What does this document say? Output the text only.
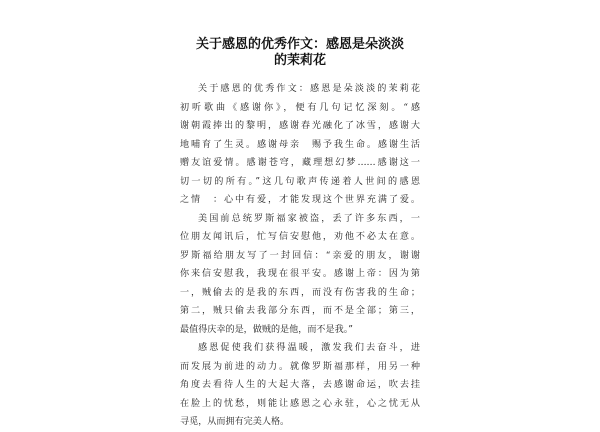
关于感恩的优秀作文：感恩是朵淡淡
的茉莉花
关于感恩的优秀作文：感恩是朵淡淡的茉莉花
初听歌曲《感谢你》，便有几句记忆深刻。“感
谢朝霞捧出的黎明，感谢春光融化了冰雪，感谢大
地哺育了生灵。感谢母亲　赐予我生命。感谢生活
赠友谊爱情。感谢苍穹，藏理想幻梦……感谢这一
切一切的所有。”这几句歌声传递着人世间的感恩
之情　：心中有爱，才能发现这个世界充满了爱。
美国前总统罗斯福家被盗，丢了许多东西，一
位朋友闻讯后，忙写信安慰他，劝他不必太在意。
罗斯福给朋友写了一封回信：“亲爱的朋友，谢谢
你来信安慰我，我现在很平安。感谢上帝：因为第
一，贼偷去的是我的东西，而没有伤害我的生命；
第二，贼只偷去我部分东西，而不是全部；第三，
最值得庆幸的是，做贼的是他，而不是我。”
感恩促使我们获得温暖，激发我们去奋斗，进
而发展为前进的动力。就像罗斯福那样，用另一种
角度去看待人生的大起大落，去感谢命运，吹去挂
在脸上的忧愁，则能让感恩之心永驻，心之忧无从
寻觅，从而拥有完美人格。
